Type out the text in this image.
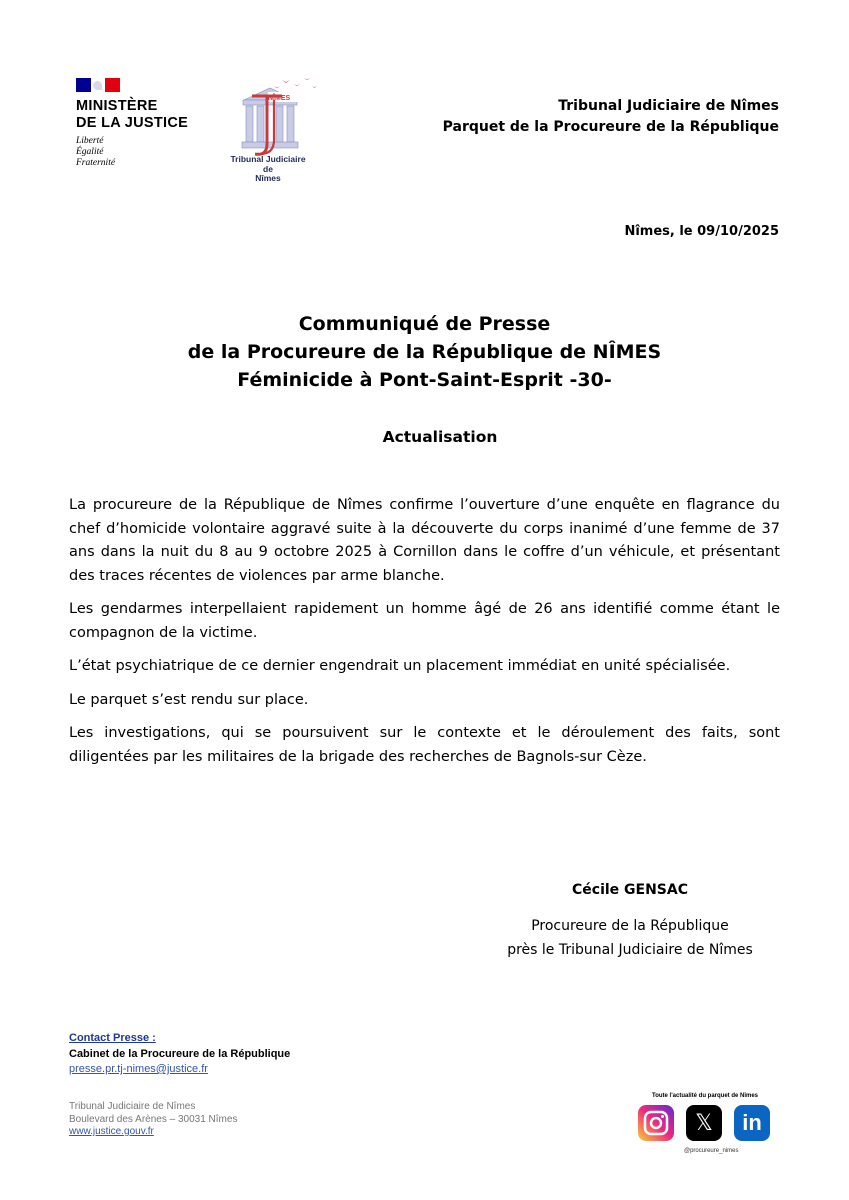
MINISTÈRE
DE LA JUSTICE
Liberté
Égalité
Fraternité
NÎMES
Tribunal Judiciaire
de
Nîmes
Tribunal Judiciaire de Nîmes
Parquet de la Procureure de la République
Nîmes, le 09/10/2025
Communiqué de Presse
de la Procureure de la République de NÎMES
Féminicide à Pont-Saint-Esprit -30-
Actualisation

La procureure de la République de Nîmes confirme l’ouverture d’une enquête en flagrance du chef d’homicide volontaire aggravé suite à la découverte du corps inanimé d’une femme de 37 ans dans la nuit du 8 au 9 octobre 2025 à Cornillon dans le coffre d’un véhicule, et présentant des traces récentes de violences par arme blanche.

Les gendarmes interpellaient rapidement un homme âgé de 26 ans identifié comme étant le compagnon de la victime.

L’état psychiatrique de ce dernier engendrait un placement immédiat en unité spécialisée.

Le parquet s’est rendu sur place.

Les investigations, qui se poursuivent sur le contexte et le déroulement des faits, sont diligentées par les militaires de la brigade des recherches de Bagnols-sur Cèze.

Cécile GENSAC
Procureure de la République
près le Tribunal Judiciaire de Nîmes
Contact Presse :
Cabinet de la Procureure de la République
presse.pr.tj-nimes@justice.fr
Tribunal Judiciaire de Nîmes
Boulevard des Arènes – 30031 Nîmes
www.justice.gouv.fr
Toute l'actualité du parquet de Nîmes
𝕏	in
@procureure_nimes
